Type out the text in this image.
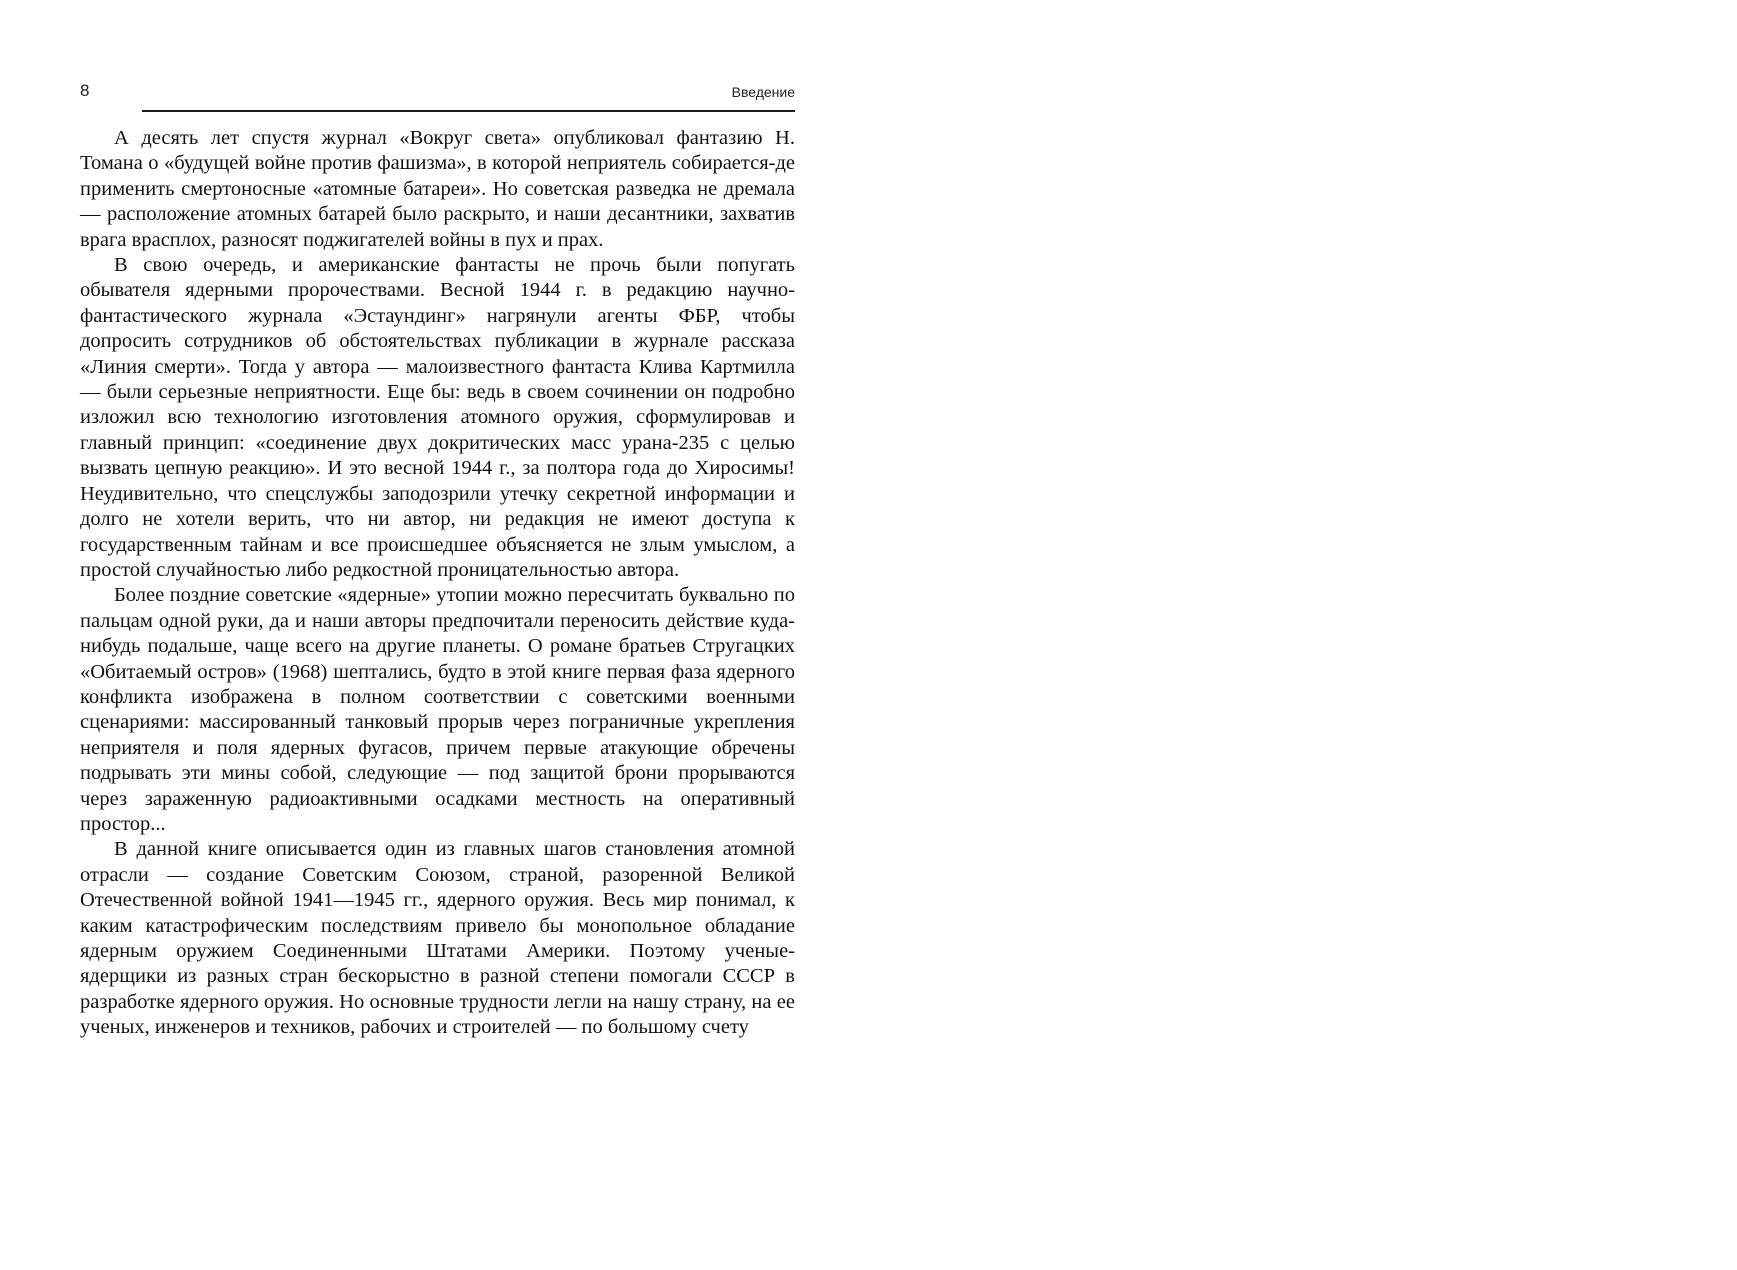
8	Введение

А десять лет спустя журнал «Вокруг света» опубликовал фантазию Н. Томана о «будущей войне против фашизма», в которой неприятель собирается-де применить смертоносные «атомные батареи». Но советская разведка не дремала — расположение атомных батарей было раскрыто, и наши десантники, захватив врага врасплох, разносят поджигателей войны в пух и прах.

В свою очередь, и американские фантасты не прочь были попугать обывателя ядерными пророчествами. Весной 1944 г. в редакцию научно-фантастического журнала «Эстаундинг» нагрянули агенты ФБР, чтобы допросить сотрудников об обстоятельствах публикации в журнале рассказа «Линия смерти». Тогда у автора — малоизвестного фантаста Клива Картмилла — были серьезные неприятности. Еще бы: ведь в своем сочинении он подробно изложил всю технологию изготовления атомного оружия, сформулировав и главный принцип: «соединение двух докритических масс урана-235 с целью вызвать цепную реакцию». И это весной 1944 г., за полтора года до Хиросимы! Неудивительно, что спецслужбы заподозрили утечку секретной информации и долго не хотели верить, что ни автор, ни редакция не имеют доступа к государственным тайнам и все происшедшее объясняется не злым умыслом, а простой случайностью либо редкостной проницательностью автора.

Более поздние советские «ядерные» утопии можно пересчитать буквально по пальцам одной руки, да и наши авторы предпочитали переносить действие куда-нибудь подальше, чаще всего на другие планеты. О романе братьев Стругацких «Обитаемый остров» (1968) шептались, будто в этой книге первая фаза ядерного конфликта изображена в полном соответствии с советскими военными сценариями: массированный танковый прорыв через пограничные укрепления неприятеля и поля ядерных фугасов, причем первые атакующие обречены подрывать эти мины собой, следующие — под защитой брони прорываются через зараженную радиоактивными осадками местность на оперативный простор...

В данной книге описывается один из главных шагов становления атомной отрасли — создание Советским Союзом, страной, разоренной Великой Отечественной войной 1941—1945 гг., ядерного оружия. Весь мир понимал, к каким катастрофическим последствиям привело бы монопольное обладание ядерным оружием Соединенными Штатами Америки. Поэтому ученые-ядерщики из разных стран бескорыстно в разной степени помогали СССР в разработке ядерного оружия. Но основные трудности легли на нашу страну, на ее ученых, инженеров и техников, рабочих и строителей — по большому счету
